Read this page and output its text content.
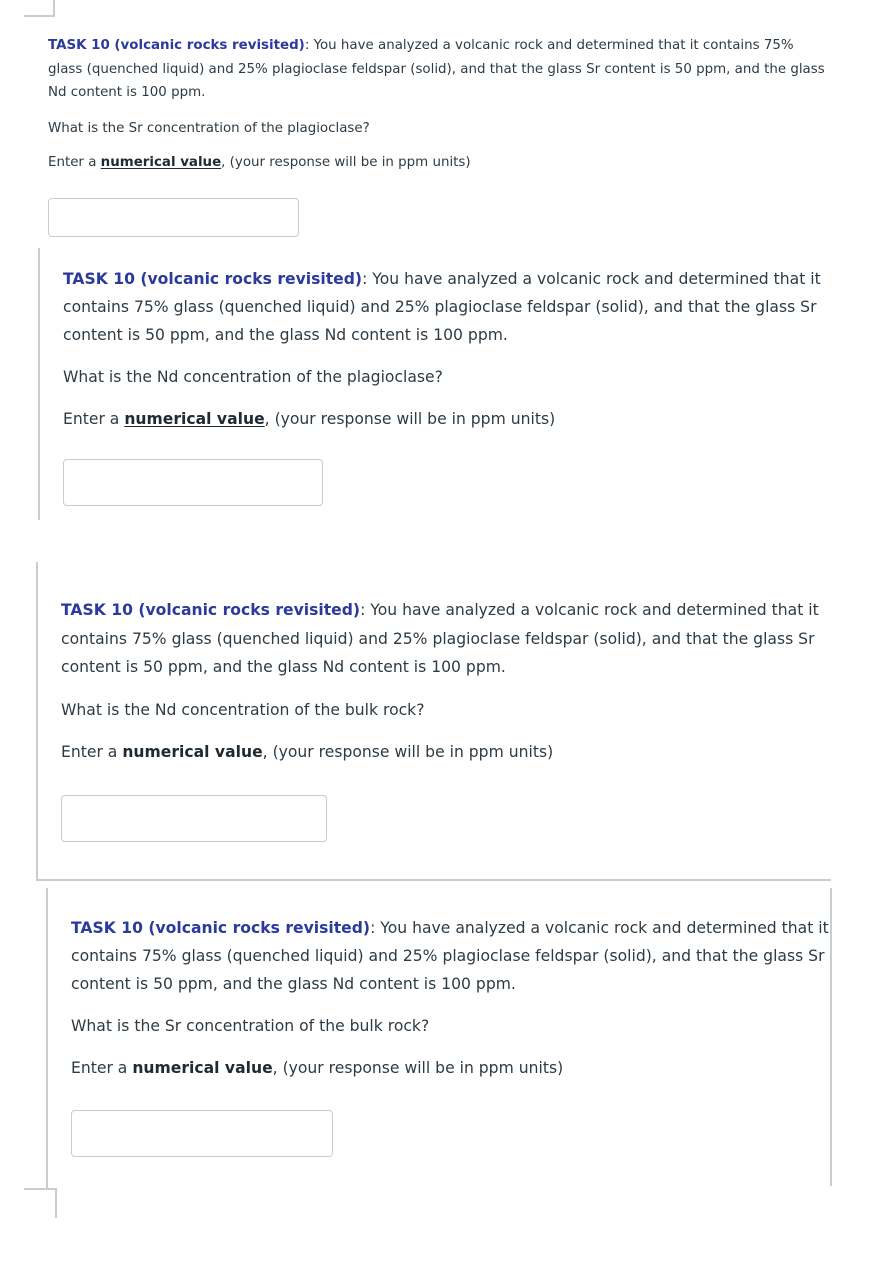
TASK 10 (volcanic rocks revisited): You have analyzed a volcanic rock and determined that it contains 75% glass (quenched liquid) and 25% plagioclase feldspar (solid), and that the glass Sr content is 50 ppm, and the glass Nd content is 100 ppm.

What is the Sr concentration of the plagioclase?

Enter a numerical value, (your response will be in ppm units)

TASK 10 (volcanic rocks revisited): You have analyzed a volcanic rock and determined that it contains 75% glass (quenched liquid) and 25% plagioclase feldspar (solid), and that the glass Sr content is 50 ppm, and the glass Nd content is 100 ppm.

What is the Nd concentration of the plagioclase?

Enter a numerical value, (your response will be in ppm units)

TASK 10 (volcanic rocks revisited): You have analyzed a volcanic rock and determined that it contains 75% glass (quenched liquid) and 25% plagioclase feldspar (solid), and that the glass Sr content is 50 ppm, and the glass Nd content is 100 ppm.

What is the Nd concentration of the bulk rock?

Enter a numerical value, (your response will be in ppm units)

TASK 10 (volcanic rocks revisited): You have analyzed a volcanic rock and determined that it contains 75% glass (quenched liquid) and 25% plagioclase feldspar (solid), and that the glass Sr content is 50 ppm, and the glass Nd content is 100 ppm.

What is the Sr concentration of the bulk rock?

Enter a numerical value, (your response will be in ppm units)
